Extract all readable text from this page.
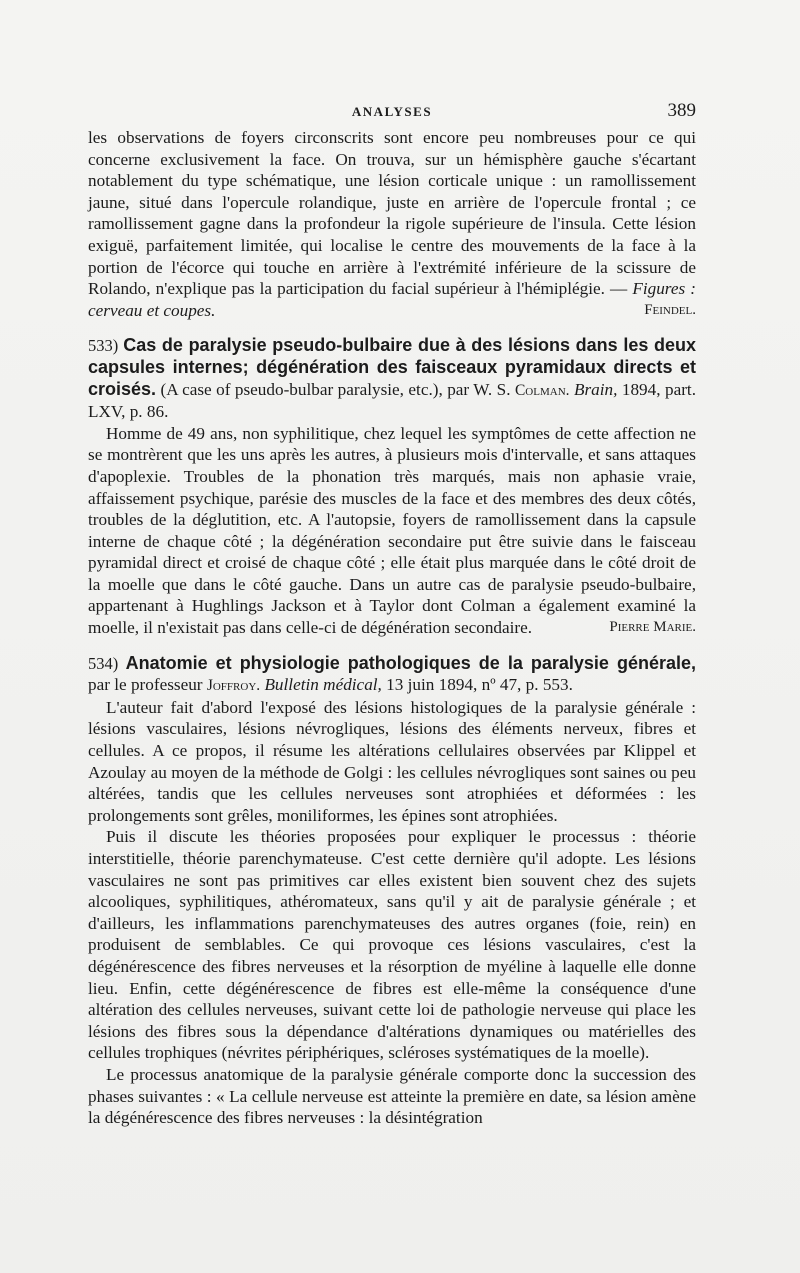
ANALYSES	389

les observations de foyers circonscrits sont encore peu nombreuses pour ce qui concerne exclusivement la face. On trouva, sur un hémisphère gauche s'écartant notablement du type schématique, une lésion corticale unique : un ramollissement jaune, situé dans l'opercule rolandique, juste en arrière de l'opercule frontal ; ce ramollissement gagne dans la profondeur la rigole supérieure de l'insula. Cette lésion exiguë, parfaitement limitée, qui localise le centre des mouvements de la face à la portion de l'écorce qui touche en arrière à l'extrémité inférieure de la scissure de Rolando, n'explique pas la participation du facial supérieur à l'hémiplégie. — Figures : cerveau et coupes.	Feindel.

533) Cas de paralysie pseudo-bulbaire due à des lésions dans les deux capsules internes; dégénération des faisceaux pyramidaux directs et croisés. (A case of pseudo-bulbar paralysie, etc.), par W. S. Colman. Brain, 1894, part. LXV, p. 86.

Homme de 49 ans, non syphilitique, chez lequel les symptômes de cette affection ne se montrèrent que les uns après les autres, à plusieurs mois d'intervalle, et sans attaques d'apoplexie. Troubles de la phonation très marqués, mais non aphasie vraie, affaissement psychique, parésie des muscles de la face et des membres des deux côtés, troubles de la déglutition, etc. A l'autopsie, foyers de ramollissement dans la capsule interne de chaque côté ; la dégénération secondaire put être suivie dans le faisceau pyramidal direct et croisé de chaque côté ; elle était plus marquée dans le côté droit de la moelle que dans le côté gauche. Dans un autre cas de paralysie pseudo-bulbaire, appartenant à Hughlings Jackson et à Taylor dont Colman a également examiné la moelle, il n'existait pas dans celle-ci de dégénération secondaire.	Pierre Marie.

534) Anatomie et physiologie pathologiques de la paralysie générale, par le professeur Joffroy. Bulletin médical, 13 juin 1894, nº 47, p. 553.

L'auteur fait d'abord l'exposé des lésions histologiques de la paralysie générale : lésions vasculaires, lésions névrogliques, lésions des éléments nerveux, fibres et cellules. A ce propos, il résume les altérations cellulaires observées par Klippel et Azoulay au moyen de la méthode de Golgi : les cellules névrogliques sont saines ou peu altérées, tandis que les cellules nerveuses sont atrophiées et déformées : les prolongements sont grêles, moniliformes, les épines sont atrophiées.

Puis il discute les théories proposées pour expliquer le processus : théorie interstitielle, théorie parenchymateuse. C'est cette dernière qu'il adopte. Les lésions vasculaires ne sont pas primitives car elles existent bien souvent chez des sujets alcooliques, syphilitiques, athéromateux, sans qu'il y ait de paralysie générale ; et d'ailleurs, les inflammations parenchymateuses des autres organes (foie, rein) en produisent de semblables. Ce qui provoque ces lésions vasculaires, c'est la dégénérescence des fibres nerveuses et la résorption de myéline à laquelle elle donne lieu. Enfin, cette dégénérescence de fibres est elle-même la conséquence d'une altération des cellules nerveuses, suivant cette loi de pathologie nerveuse qui place les lésions des fibres sous la dépendance d'altérations dynamiques ou matérielles des cellules trophiques (névrites périphériques, scléroses systématiques de la moelle).

Le processus anatomique de la paralysie générale comporte donc la succession des phases suivantes : « La cellule nerveuse est atteinte la première en date, sa lésion amène la dégénérescence des fibres nerveuses : la désintégration
